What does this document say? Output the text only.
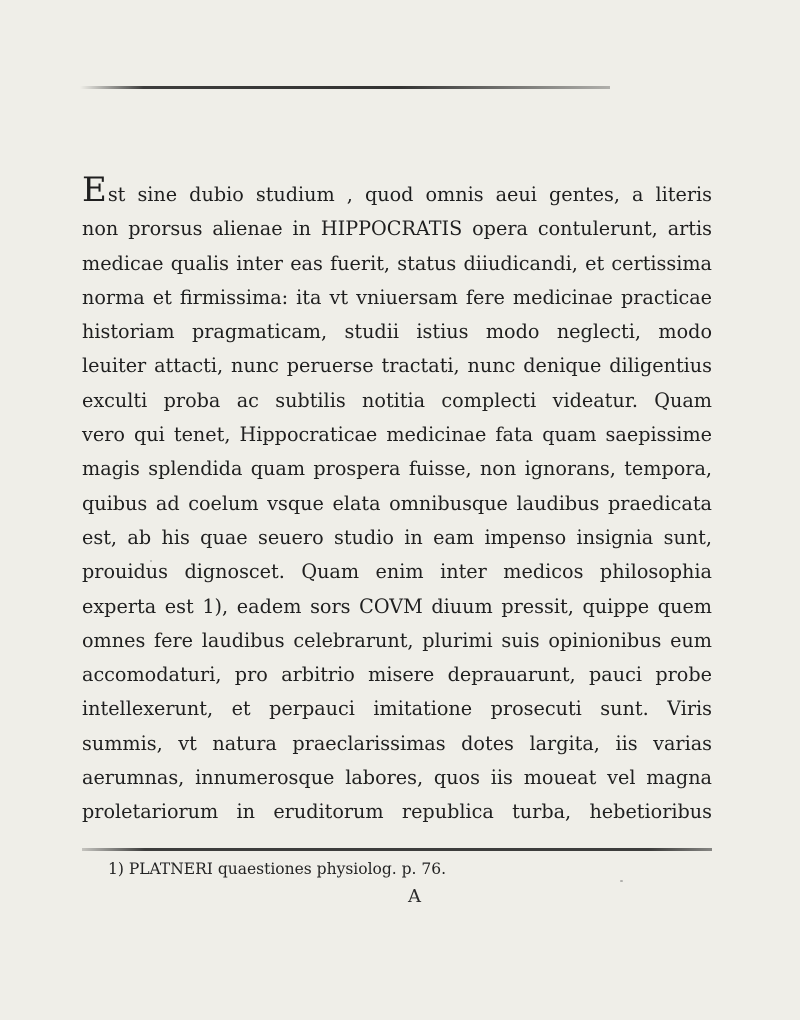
Est sine dubio studium , quod omnis aeui gentes, a literis
non prorsus alienae in HIPPOCRATIS opera contulerunt, artis
medicae qualis inter eas fuerit, status diiudicandi, et certissima
norma et firmissima: ita vt vniuersam fere medicinae practicae
historiam pragmaticam, studii istius modo neglecti, modo
leuiter attacti, nunc peruerse tractati, nunc denique diligentius
exculti proba ac subtilis notitia complecti videatur. Quam
vero qui tenet, Hippocraticae medicinae fata quam saepissime
magis splendida quam prospera fuisse, non ignorans, tempora,
quibus ad coelum vsque elata omnibusque laudibus praedicata
est, ab his quae seuero studio in eam impenso insignia sunt,
prouidus dignoscet. Quam enim inter medicos philosophia
experta est 1), eadem sors COVM diuum pressit, quippe quem
omnes fere laudibus celebrarunt, plurimi suis opinionibus eum
accomodaturi, pro arbitrio misere deprauarunt, pauci probe
intellexerunt, et perpauci imitatione prosecuti sunt. Viris
summis, vt natura praeclarissimas dotes largita, iis varias
aerumnas, innumerosque labores, quos iis moueat vel magna
proletariorum in eruditorum republica turba, hebetioribus
1) PLATNERI quaestiones physiolog. p. 76.
A
